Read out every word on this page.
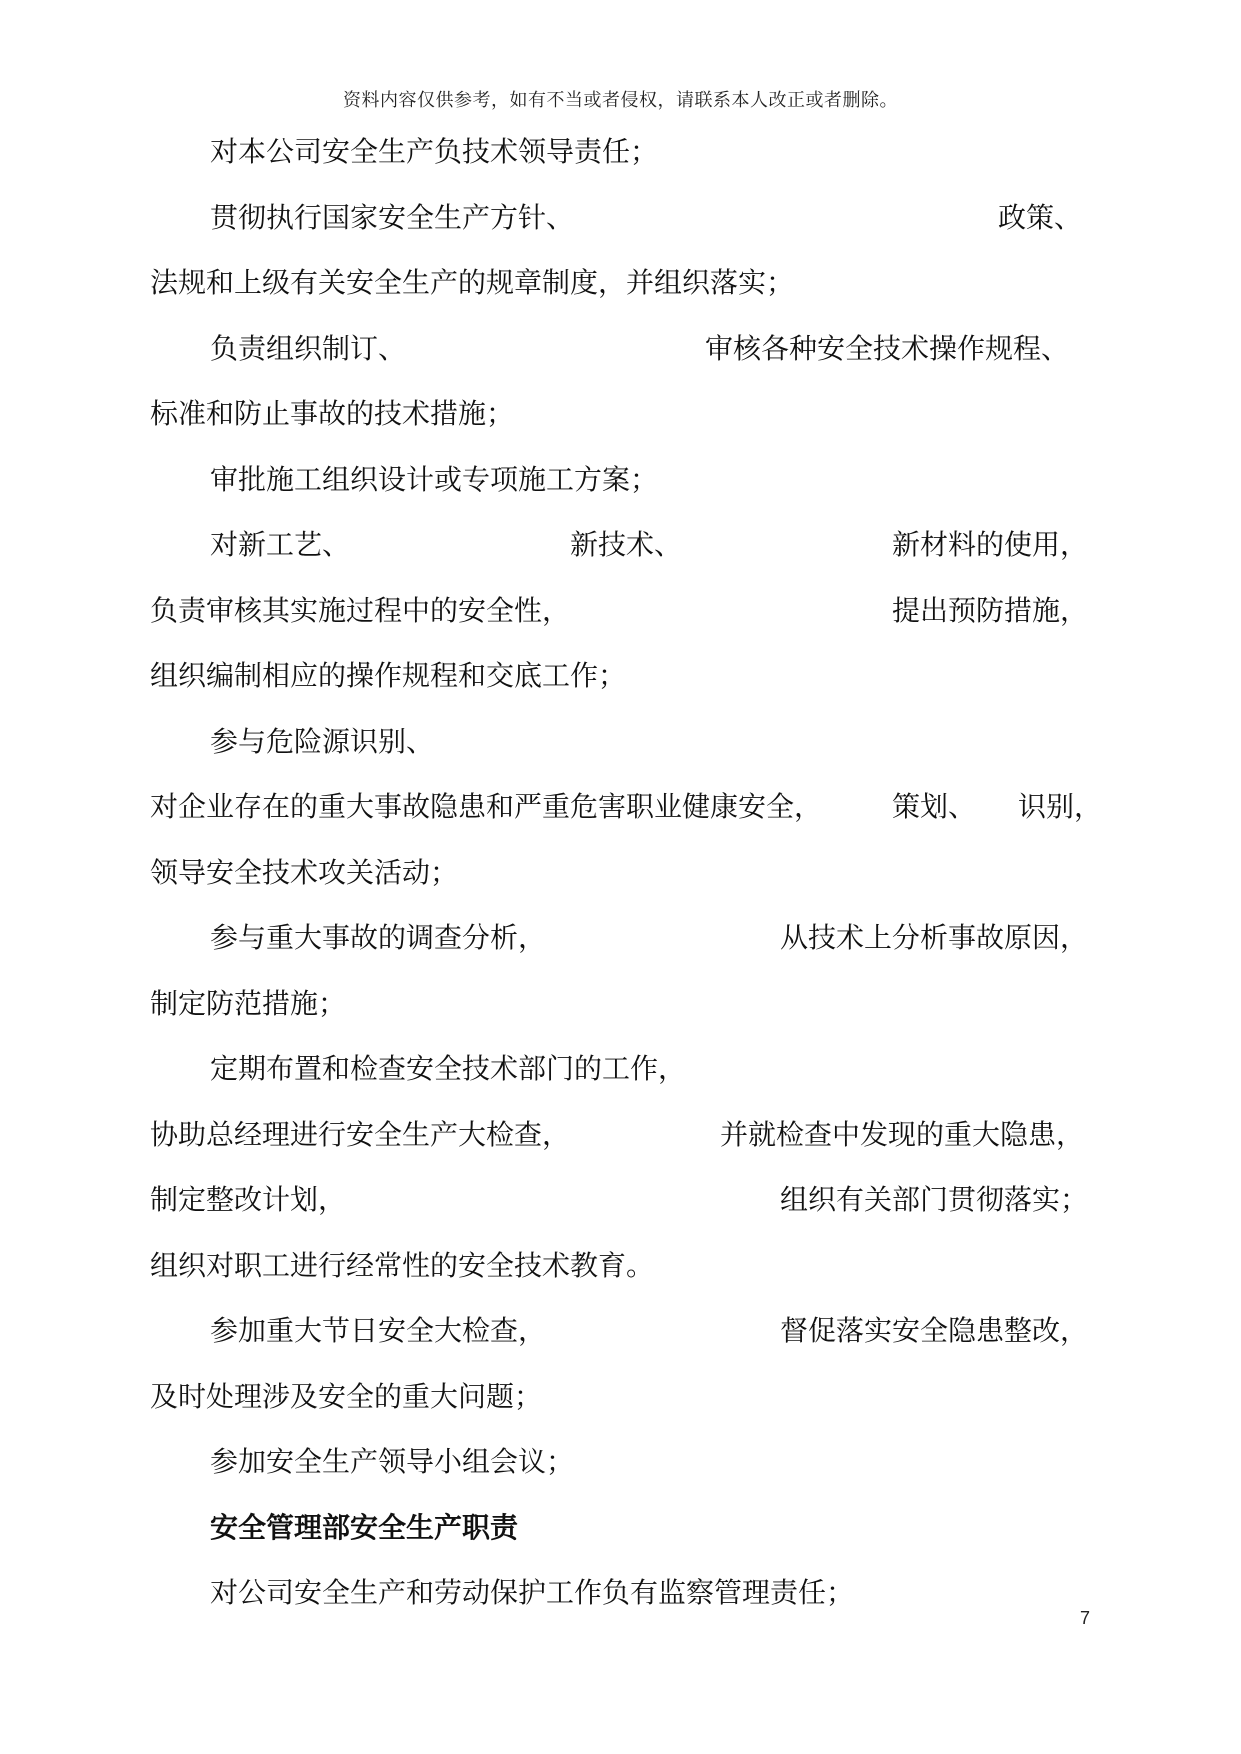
资料内容仅供参考，如有不当或者侵权，请联系本人改正或者删除。
对本公司安全生产负技术领导责任；
贯彻执行国家安全生产方针、	政策、
法规和上级有关安全生产的规章制度，并组织落实；
负责组织制订、	审核各种安全技术操作规程、
标准和防止事故的技术措施；
审批施工组织设计或专项施工方案；
对新工艺、	新技术、	新材料的使用，
负责审核其实施过程中的安全性，	提出预防措施，
组织编制相应的操作规程和交底工作；
参与危险源识别、
对企业存在的重大事故隐患和严重危害职业健康安全， 策划、 识别，
领导安全技术攻关活动；
参与重大事故的调查分析，	从技术上分析事故原因，
制定防范措施；
定期布置和检查安全技术部门的工作，
协助总经理进行安全生产大检查，	并就检查中发现的重大隐患，
制定整改计划，	组织有关部门贯彻落实；
组织对职工进行经常性的安全技术教育。
参加重大节日安全大检查，	督促落实安全隐患整改，
及时处理涉及安全的重大问题；
参加安全生产领导小组会议；
安全管理部安全生产职责
对公司安全生产和劳动保护工作负有监察管理责任；
7
